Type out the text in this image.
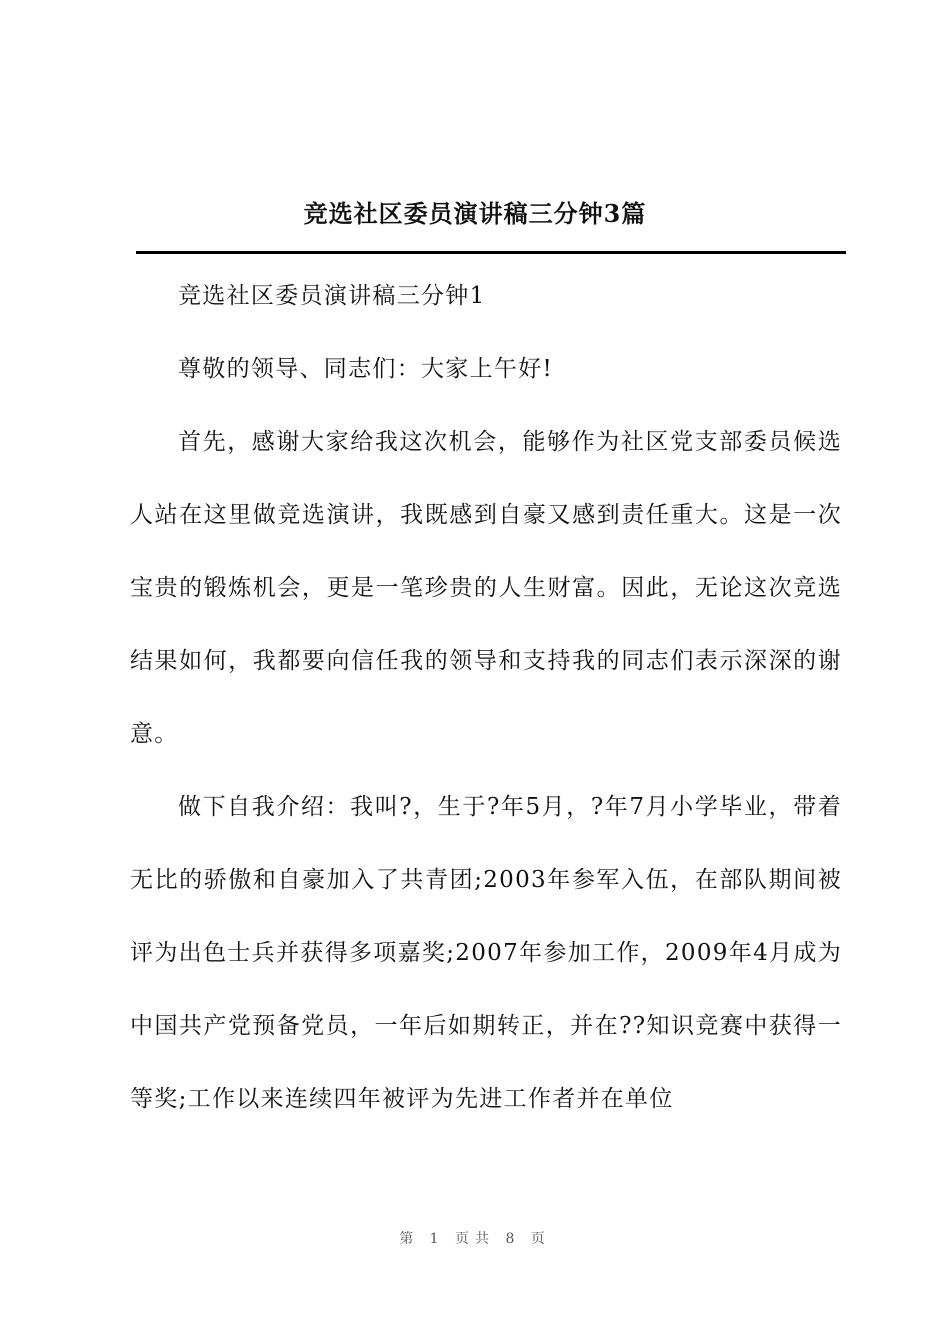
竞选社区委员演讲稿三分钟3篇

竞选社区委员演讲稿三分钟1

尊敬的领导、同志们：大家上午好!

首先，感谢大家给我这次机会，能够作为社区党支部委员候选人站在这里做竞选演讲，我既感到自豪又感到责任重大。这是一次宝贵的锻炼机会，更是一笔珍贵的人生财富。因此，无论这次竞选结果如何，我都要向信任我的领导和支持我的同志们表示深深的谢意。

做下自我介绍：我叫?，生于?年5月，?年7月小学毕业，带着无比的骄傲和自豪加入了共青团;2003年参军入伍，在部队期间被评为出色士兵并获得多项嘉奖;2007年参加工作，2009年4月成为中国共产党预备党员，一年后如期转正，并在??知识竞赛中获得一等奖;工作以来连续四年被评为先进工作者并在单位

第 1 页共 8 页
